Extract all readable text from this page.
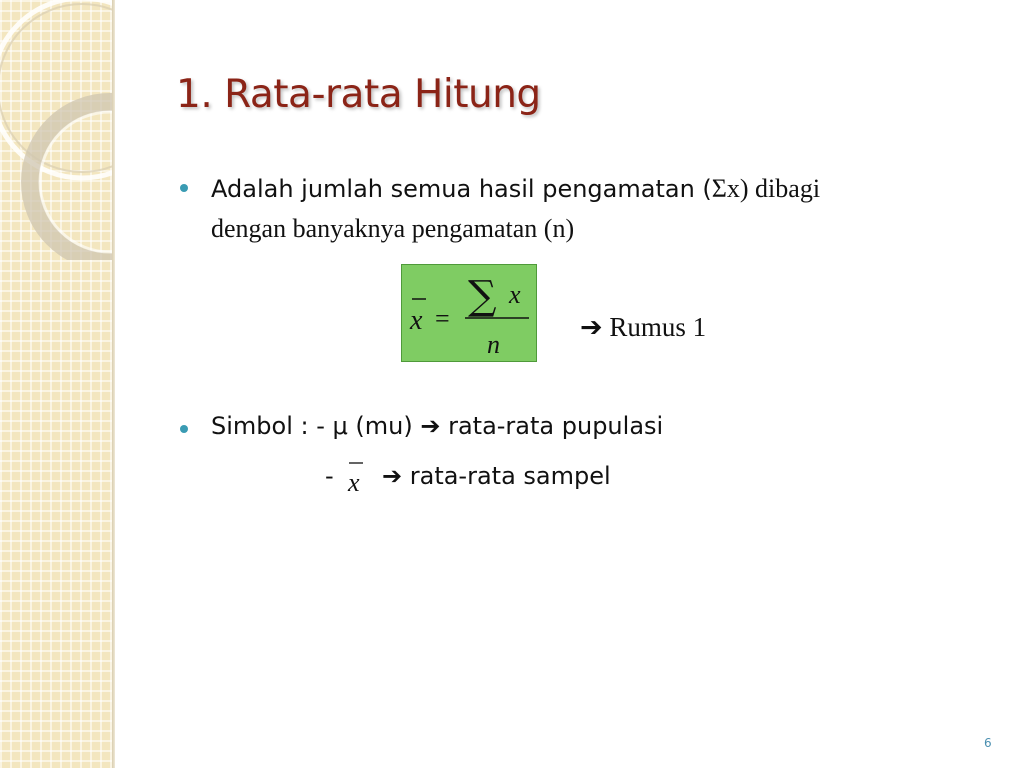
1. Rata-rata Hitung
Adalah jumlah semua hasil pengamatan (Σx) dibagi
dengan banyaknya pengamatan (n)
x = ∑ x
n
➔ Rumus 1
Simbol : - μ (mu) ➔ rata-rata pupulasi
- x ➔ rata-rata sampel
6
